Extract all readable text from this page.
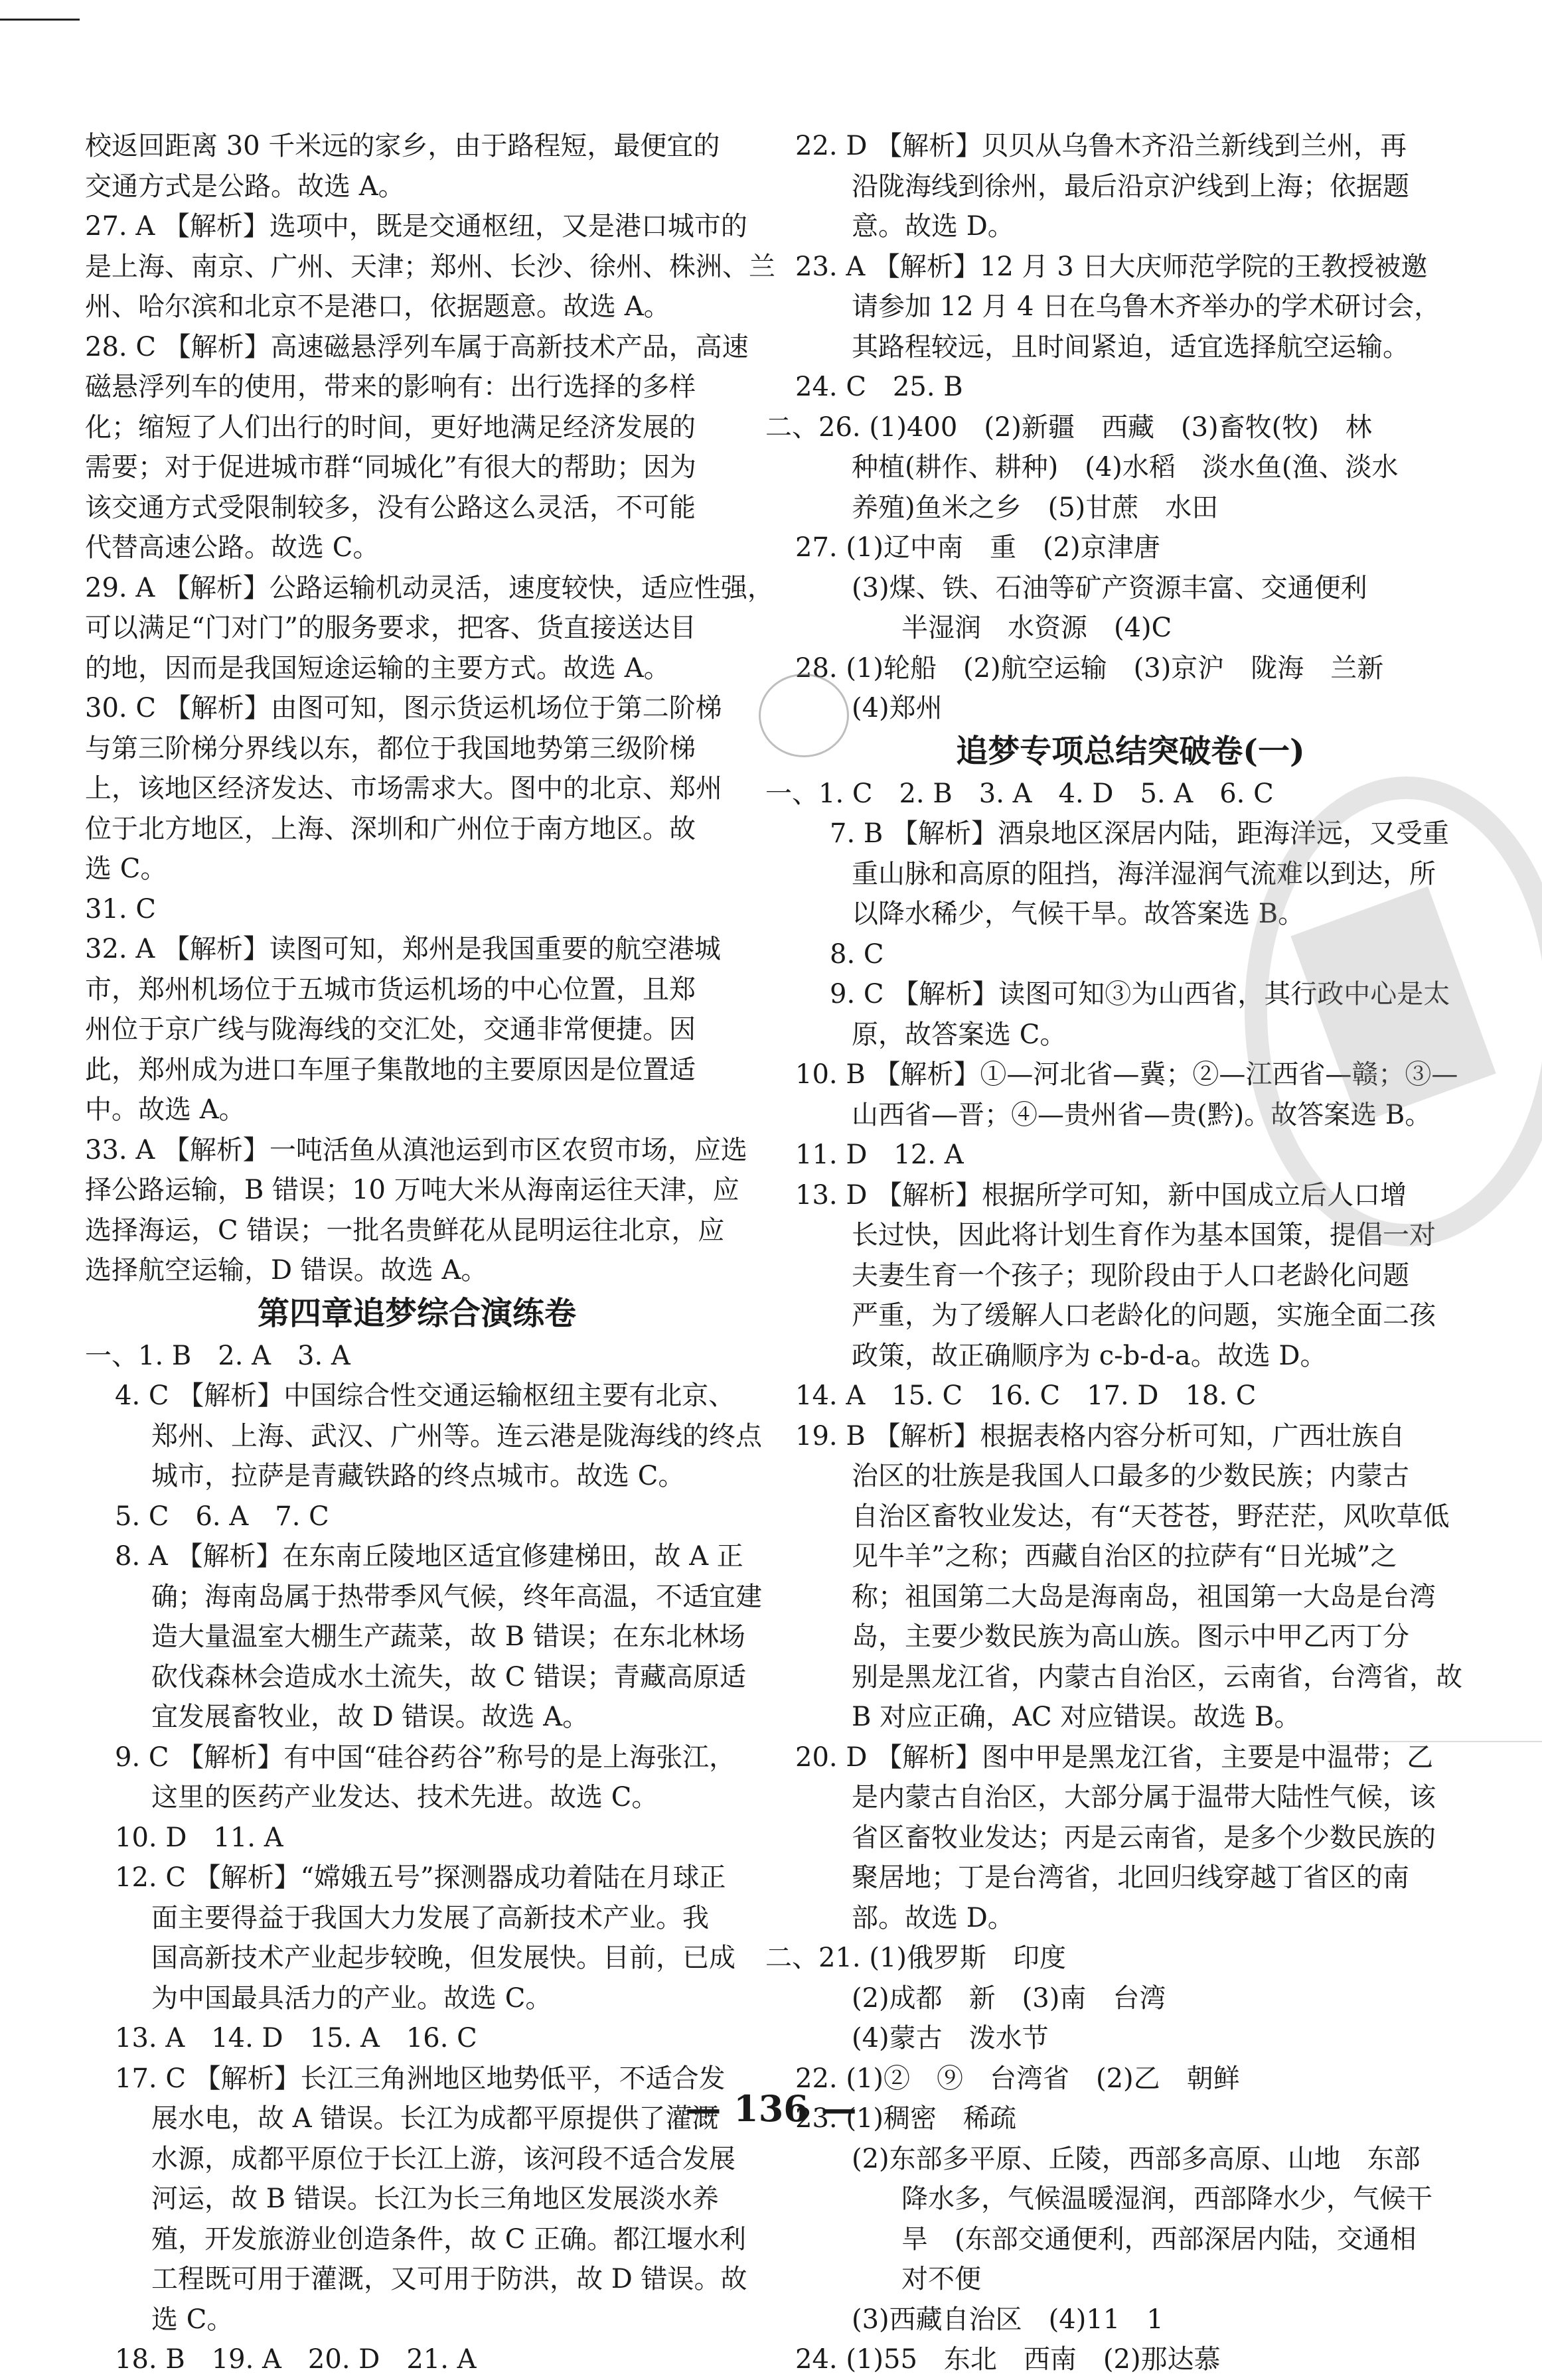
校返回距离 30 千米远的家乡，由于路程短，最便宜的
交通方式是公路。故选 A。
27. A 【解析】选项中，既是交通枢纽，又是港口城市的
是上海、南京、广州、天津；郑州、长沙、徐州、株洲、兰
州、哈尔滨和北京不是港口，依据题意。故选 A。
28. C 【解析】高速磁悬浮列车属于高新技术产品，高速
磁悬浮列车的使用，带来的影响有：出行选择的多样
化；缩短了人们出行的时间，更好地满足经济发展的
需要；对于促进城市群“同城化”有很大的帮助；因为
该交通方式受限制较多，没有公路这么灵活，不可能
代替高速公路。故选 C。
29. A 【解析】公路运输机动灵活，速度较快，适应性强，
可以满足“门对门”的服务要求，把客、货直接送达目
的地，因而是我国短途运输的主要方式。故选 A。
30. C 【解析】由图可知，图示货运机场位于第二阶梯
与第三阶梯分界线以东，都位于我国地势第三级阶梯
上，该地区经济发达、市场需求大。图中的北京、郑州
位于北方地区，上海、深圳和广州位于南方地区。故
选 C。
31. C
32. A 【解析】读图可知，郑州是我国重要的航空港城
市，郑州机场位于五城市货运机场的中心位置，且郑
州位于京广线与陇海线的交汇处，交通非常便捷。因
此，郑州成为进口车厘子集散地的主要原因是位置适
中。故选 A。
33. A 【解析】一吨活鱼从滇池运到市区农贸市场，应选
择公路运输，B 错误；10 万吨大米从海南运往天津，应
选择海运，C 错误；一批名贵鲜花从昆明运往北京，应
选择航空运输，D 错误。故选 A。
第四章追梦综合演练卷
一、1. B　2. A　3. A
4. C 【解析】中国综合性交通运输枢纽主要有北京、
郑州、上海、武汉、广州等。连云港是陇海线的终点
城市，拉萨是青藏铁路的终点城市。故选 C。
5. C　6. A　7. C
8. A 【解析】在东南丘陵地区适宜修建梯田，故 A 正
确；海南岛属于热带季风气候，终年高温，不适宜建
造大量温室大棚生产蔬菜，故 B 错误；在东北林场
砍伐森林会造成水土流失，故 C 错误；青藏高原适
宜发展畜牧业，故 D 错误。故选 A。
9. C 【解析】有中国“硅谷药谷”称号的是上海张江，
这里的医药产业发达、技术先进。故选 C。
10. D　11. A
12. C 【解析】“嫦娥五号”探测器成功着陆在月球正
面主要得益于我国大力发展了高新技术产业。我
国高新技术产业起步较晚，但发展快。目前，已成
为中国最具活力的产业。故选 C。
13. A　14. D　15. A　16. C
17. C 【解析】长江三角洲地区地势低平，不适合发
展水电，故 A 错误。长江为成都平原提供了灌溉
水源，成都平原位于长江上游，该河段不适合发展
河运，故 B 错误。长江为长三角地区发展淡水养
殖，开发旅游业创造条件，故 C 正确。都江堰水利
工程既可用于灌溉，又可用于防洪，故 D 错误。故
选 C。
18. B　19. A　20. D　21. A
22. D 【解析】贝贝从乌鲁木齐沿兰新线到兰州，再
沿陇海线到徐州，最后沿京沪线到上海；依据题
意。故选 D。
23. A 【解析】12 月 3 日大庆师范学院的王教授被邀
请参加 12 月 4 日在乌鲁木齐举办的学术研讨会，
其路程较远，且时间紧迫，适宜选择航空运输。
24. C　25. B
二、26. (1)400　(2)新疆　西藏　(3)畜牧(牧)　林
种植(耕作、耕种)　(4)水稻　淡水鱼(渔、淡水
养殖)鱼米之乡　(5)甘蔗　水田
27. (1)辽中南　重　(2)京津唐
(3)煤、铁、石油等矿产资源丰富、交通便利
半湿润　水资源　(4)C
28. (1)轮船　(2)航空运输　(3)京沪　陇海　兰新
(4)郑州
追梦专项总结突破卷(一)
一、1. C　2. B　3. A　4. D　5. A　6. C
7. B 【解析】酒泉地区深居内陆，距海洋远，又受重
重山脉和高原的阻挡，海洋湿润气流难以到达，所
以降水稀少，气候干旱。故答案选 B。
8. C
9. C 【解析】读图可知③为山西省，其行政中心是太
原，故答案选 C。
10. B 【解析】①—河北省—冀；②—江西省—赣；③—
山西省—晋；④—贵州省—贵(黔)。故答案选 B。
11. D　12. A
13. D 【解析】根据所学可知，新中国成立后人口增
长过快，因此将计划生育作为基本国策，提倡一对
夫妻生育一个孩子；现阶段由于人口老龄化问题
严重，为了缓解人口老龄化的问题，实施全面二孩
政策，故正确顺序为 c-b-d-a。故选 D。
14. A　15. C　16. C　17. D　18. C
19. B 【解析】根据表格内容分析可知，广西壮族自
治区的壮族是我国人口最多的少数民族；内蒙古
自治区畜牧业发达，有“天苍苍，野茫茫，风吹草低
见牛羊”之称；西藏自治区的拉萨有“日光城”之
称；祖国第二大岛是海南岛，祖国第一大岛是台湾
岛，主要少数民族为高山族。图示中甲乙丙丁分
别是黑龙江省，内蒙古自治区，云南省，台湾省，故
B 对应正确，AC 对应错误。故选 B。
20. D 【解析】图中甲是黑龙江省，主要是中温带；乙
是内蒙古自治区，大部分属于温带大陆性气候，该
省区畜牧业发达；丙是云南省，是多个少数民族的
聚居地；丁是台湾省，北回归线穿越丁省区的南
部。故选 D。
二、21. (1)俄罗斯　印度
(2)成都　新　(3)南　台湾
(4)蒙古　泼水节
22. (1)②　⑨　台湾省　(2)乙　朝鲜
23. (1)稠密　稀疏
(2)东部多平原、丘陵，西部多高原、山地　东部
降水多，气候温暖湿润，西部降水少，气候干
旱　(东部交通便利，西部深居内陆，交通相
对不便
(3)西藏自治区　(4)11　1
24. (1)55　东北　西南　(2)那达慕
— 136 —
